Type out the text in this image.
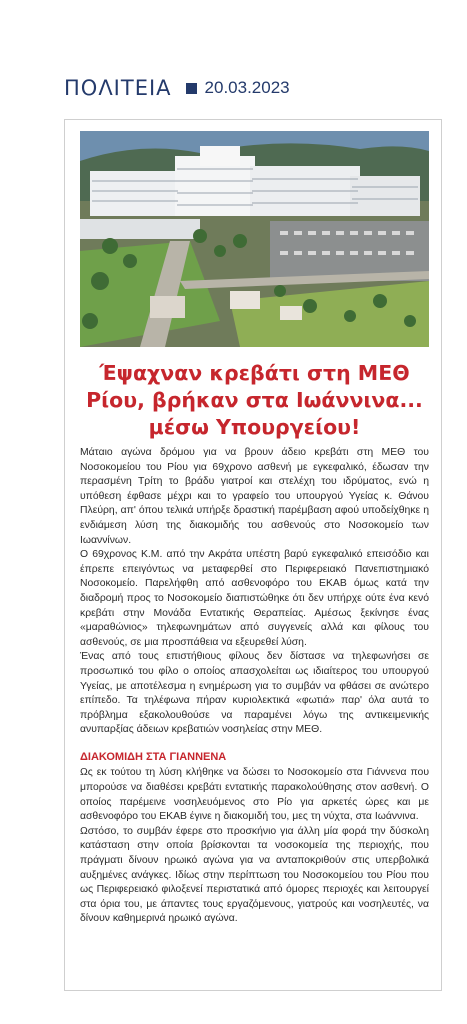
ΠΟΛΙΤΕΙΑ 20.03.2023
Έψαχναν κρεβάτι στη ΜΕΘ Ρίου, βρήκαν στα Ιωάννινα... μέσω Υπουργείου!

Μάταιο αγώνα δρόμου για να βρουν άδειο κρεβάτι στη ΜΕΘ του Νοσοκομείου του Ρίου για 69χρονο ασθενή με εγκεφαλικό, έδωσαν την περασμένη Τρίτη το βράδυ γιατροί και στελέχη του ιδρύματος, ενώ η υπόθεση έφθασε μέχρι και το γραφείο του υπουργού Υγείας κ. Θάνου Πλεύρη, απ' όπου τελικά υπήρξε δραστική παρέμβαση αφού υποδείχθηκε η ενδιάμεση λύση της διακομιδής του ασθενούς στο Νοσοκομείο των Ιωαννίνων.

Ο 69χρονος Κ.Μ. από την Ακράτα υπέστη βαρύ εγκεφαλικό επεισόδιο και έπρεπε επειγόντως να μεταφερθεί στο Περιφερειακό Πανεπιστημιακό Νοσοκομείο. Παρελήφθη από ασθενοφόρο του ΕΚΑΒ όμως κατά την διαδρομή προς το Νοσοκομείο διαπιστώθηκε ότι δεν υπήρχε ούτε ένα κενό κρεβάτι στην Μονάδα Εντατικής Θεραπείας. Αμέσως ξεκίνησε ένας «μαραθώνιος» τηλεφωνημάτων από συγγενείς αλλά και φίλους του ασθενούς, σε μια προσπάθεια να εξευρεθεί λύση.

Ένας από τους επιστήθιους φίλους δεν δίστασε να τηλεφωνήσει σε προσωπικό του φίλο ο οποίος απασχολείται ως ιδιαίτερος του υπουργού Υγείας, με αποτέλεσμα η ενημέρωση για το συμβάν να φθάσει σε ανώτερο επίπεδο. Τα τηλέφωνα πήραν κυριολεκτικά «φωτιά» παρ' όλα αυτά το πρόβλημα εξακολουθούσε να παραμένει λόγω της αντικειμενικής ανυπαρξίας άδειων κρεβατιών νοσηλείας στην ΜΕΘ.

ΔΙΑΚΟΜΙΔΗ ΣΤΑ ΓΙΑΝΝΕΝΑ

Ως εκ τούτου τη λύση κλήθηκε να δώσει το Νοσοκομείο στα Γιάννενα που μπορούσε να διαθέσει κρεβάτι εντατικής παρακολούθησης στον ασθενή. Ο οποίος παρέμεινε νοσηλευόμενος στο Ρίο για αρκετές ώρες και με ασθενοφόρο του ΕΚΑΒ έγινε η διακομιδή του, μες τη νύχτα, στα Ιωάννινα.

Ωστόσο, το συμβάν έφερε στο προσκήνιο για άλλη μία φορά την δύσκολη κατάσταση στην οποία βρίσκονται τα νοσοκομεία της περιοχής, που πράγματι δίνουν ηρωικό αγώνα για να ανταποκριθούν στις υπερβολικά αυξημένες ανάγκες. Ιδίως στην περίπτωση του Νοσοκομείου του Ρίου που ως Περιφερειακό φιλοξενεί περιστατικά από όμορες περιοχές και λειτουργεί στα όρια του, με άπαντες τους εργαζόμενους, γιατρούς και νοσηλευτές, να δίνουν καθημερινά ηρωικό αγώνα.
